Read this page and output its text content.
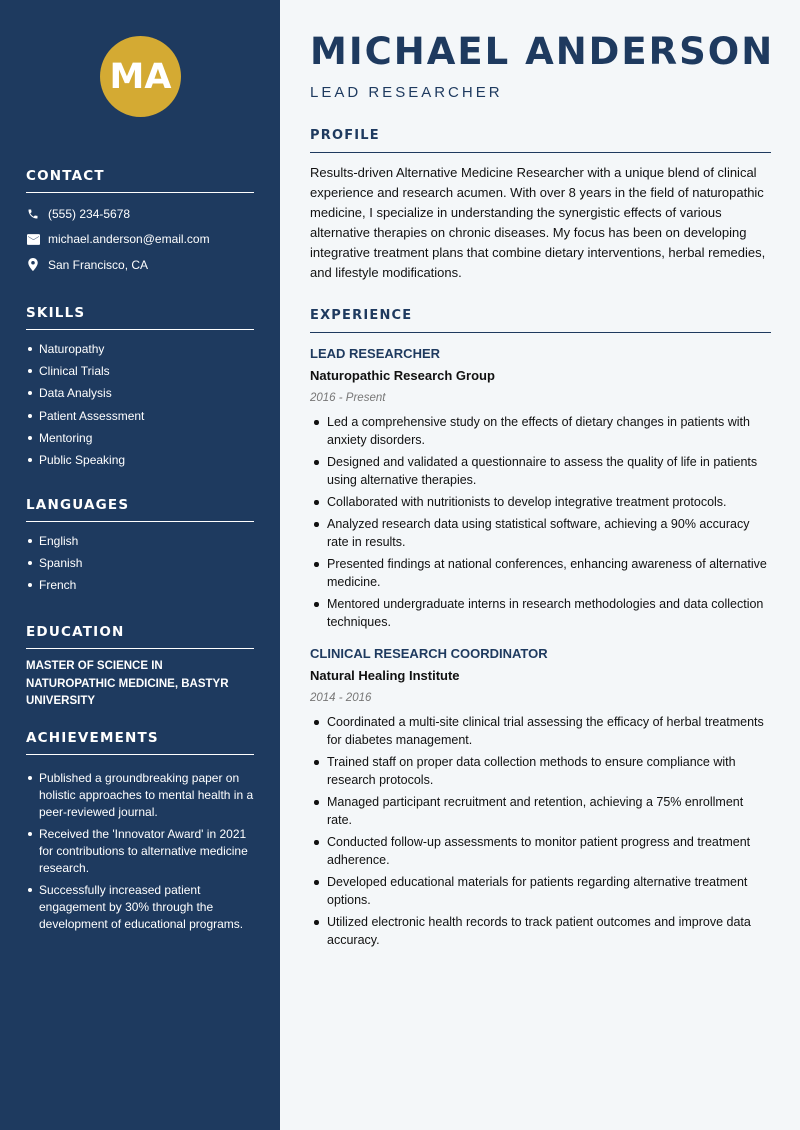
MA
CONTACT
(555) 234-5678
michael.anderson@email.com
San Francisco, CA
SKILLS
Naturopathy
Clinical Trials
Data Analysis
Patient Assessment
Mentoring
Public Speaking
LANGUAGES
English
Spanish
French
EDUCATION
MASTER OF SCIENCE IN NATUROPATHIC MEDICINE, BASTYR UNIVERSITY
ACHIEVEMENTS
Published a groundbreaking paper on holistic approaches to mental health in a peer-reviewed journal.
Received the 'Innovator Award' in 2021 for contributions to alternative medicine research.
Successfully increased patient engagement by 30% through the development of educational programs.
MICHAEL ANDERSON
LEAD RESEARCHER
PROFILE
Results-driven Alternative Medicine Researcher with a unique blend of clinical experience and research acumen. With over 8 years in the field of naturopathic medicine, I specialize in understanding the synergistic effects of various alternative therapies on chronic diseases. My focus has been on developing integrative treatment plans that combine dietary interventions, herbal remedies, and lifestyle modifications.
EXPERIENCE
LEAD RESEARCHER
Naturopathic Research Group
2016 - Present
Led a comprehensive study on the effects of dietary changes in patients with anxiety disorders.
Designed and validated a questionnaire to assess the quality of life in patients using alternative therapies.
Collaborated with nutritionists to develop integrative treatment protocols.
Analyzed research data using statistical software, achieving a 90% accuracy rate in results.
Presented findings at national conferences, enhancing awareness of alternative medicine.
Mentored undergraduate interns in research methodologies and data collection techniques.
CLINICAL RESEARCH COORDINATOR
Natural Healing Institute
2014 - 2016
Coordinated a multi-site clinical trial assessing the efficacy of herbal treatments for diabetes management.
Trained staff on proper data collection methods to ensure compliance with research protocols.
Managed participant recruitment and retention, achieving a 75% enrollment rate.
Conducted follow-up assessments to monitor patient progress and treatment adherence.
Developed educational materials for patients regarding alternative treatment options.
Utilized electronic health records to track patient outcomes and improve data accuracy.
